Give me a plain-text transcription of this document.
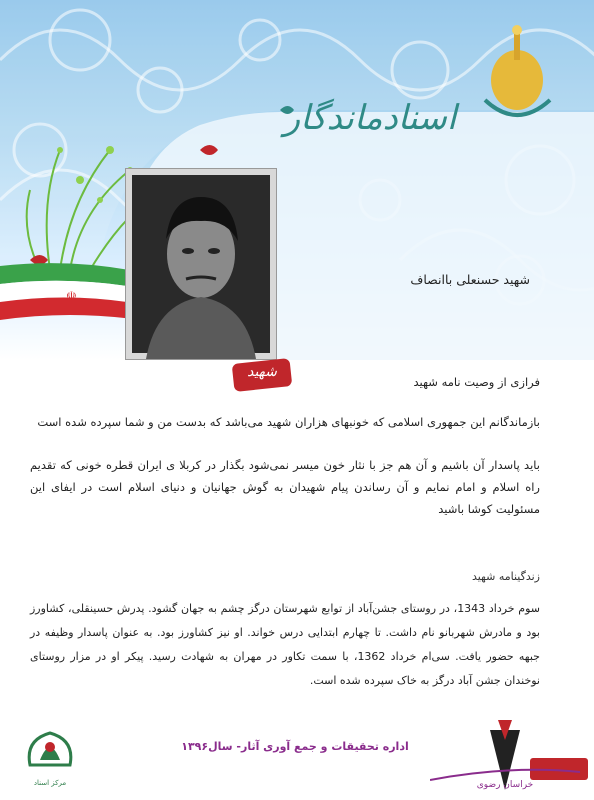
اسنادماندگار
☫
شهید
شهید حسنعلی باانصاف
فرازی از وصیت نامه شهید
بازماندگانم این جمهوری اسلامی که خونبهای هزاران شهید می‌باشد که بدست من و شما سپرده شده است
باید پاسدار آن باشیم و آن هم جز با نثار خون میسر نمی‌شود بگذار در کربلا ی ایران قطره خونی که تقدیم راه اسلام و امام نمایم و آن رساندن پیام شهیدان به گوش جهانیان و دنیای اسلام است در ایفای این مسئولیت کوشا باشید
زندگینامه شهید
سوم خرداد 1343، در روستای جشن‌آباد از توابع شهرستان درگز چشم به جهان گشود. پدرش حسینقلی، کشاورز بود و مادرش شهربانو نام داشت. تا چهارم ابتدایی درس خواند. او نیز کشاورز بود. به عنوان پاسدار وظیفه در جبهه حضور یافت. سی‌ام خرداد 1362، با سمت تکاور در مهران به شهادت رسید. پیکر او در مزار روستای نوخندان جشن آباد درگز به خاک سپرده شده است.
مرکز اسناد
اداره تحقیقات و جمع آوری آثار- سال۱۳۹۶
خراسان رضوی
